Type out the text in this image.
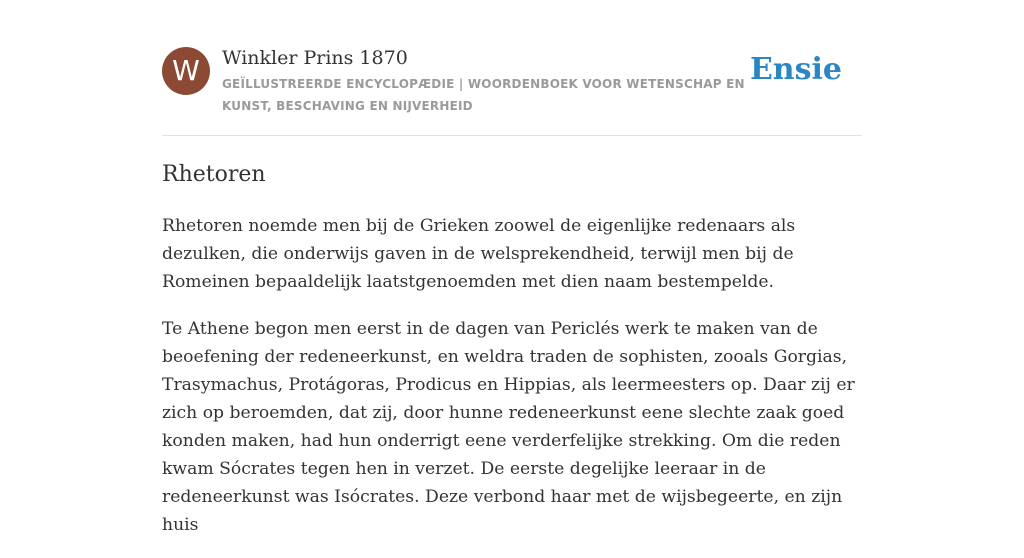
W	Winkler Prins 1870
GEÏLLUSTREERDE ENCYCLOPÆDIE | WOORDENBOEK VOOR WETENSCHAP EN KUNST, BESCHAVING EN NIJVERHEID
Ensie
Rhetoren

Rhetoren noemde men bij de Grieken zoowel de eigenlijke redenaars als dezulken, die onderwijs gaven in de welsprekendheid, terwijl men bij de Romeinen bepaaldelijk laatstgenoemden met dien naam bestempelde.

Te Athene begon men eerst in de dagen van Periclés werk te maken van de beoefening der redeneerkunst, en weldra traden de sophisten, zooals Gorgias, Trasymachus, Protágoras, Prodicus en Hippias, als leermeesters op. Daar zij er zich op beroemden, dat zij, door hunne redeneerkunst eene slechte zaak goed konden maken, had hun onderrigt eene verderfelijke strekking. Om die reden kwam Sócrates tegen hen in verzet. De eerste degelijke leeraar in de redeneerkunst was Isócrates. Deze verbond haar met de wijsbegeerte, en zijn huis
